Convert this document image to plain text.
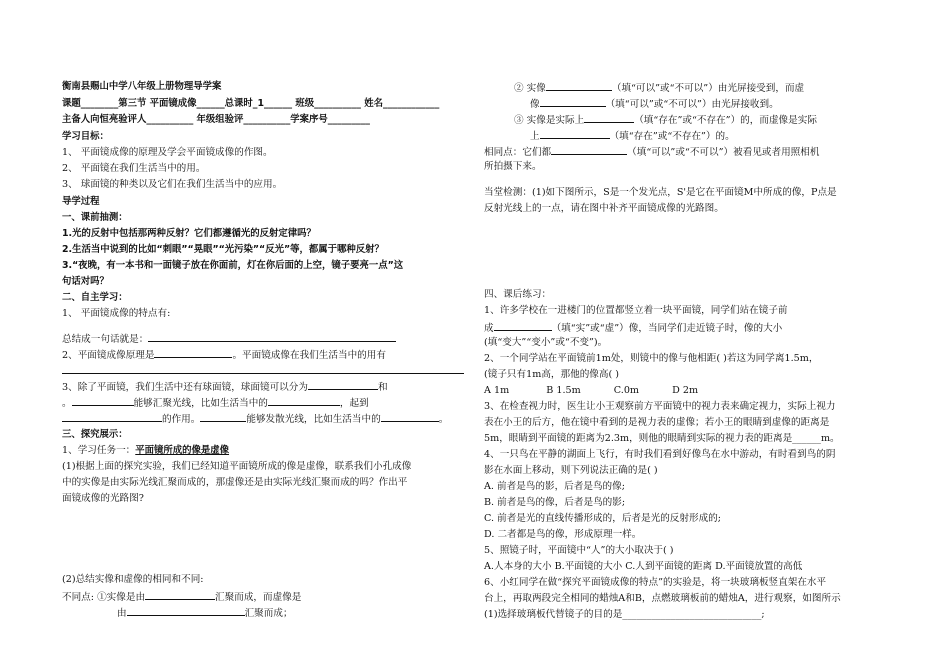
衡南县赐山中学八年级上册物理导学案
课题________第三节 平面镜成像______总课时_1______ 班级__________ 姓名____________
主备人向恒亮验评人__________ 年级组验评__________学案序号_________
学习目标：
1、 平面镜成像的原理及学会平面镜成像的作图。
2、 平面镜在我们生活当中的用。
3、 球面镜的种类以及它们在我们生活当中的应用。
导学过程
一、课前抽测：
1.光的反射中包括那两种反射？它们都遵循光的反射定律吗？
2.生活当中说到的比如“刺眼”“晃眼”“光污染”“反光”等，都属于哪种反射？
3.“夜晚，有一本书和一面镜子放在你面前，灯在你后面的上空，镜子要亮一点”这
句话对吗？
二、自主学习：
1、 平面镜成像的特点有:
总结成一句话就是：
2、平面镜成像原理是	。平面镜成像在我们生活当中的用有
3、除了平面镜，我们生活中还有球面镜，球面镜可以分为	和
。	能够汇聚光线，比如生活当中的	，起到
的作用。	能够发散光线，比如生活当中的	。
三、探究展示：
1、学习任务一：平面镜所成的像是虚像
(1)根据上面的探究实验，我们已经知道平面镜所成的像是虚像，联系我们小孔成像
中的实像是由实际光线汇聚而成的，那虚像还是由实际光线汇聚而成的吗？作出平
面镜成像的光路图?
(2)总结实像和虚像的相同和不同:
不同点: ①实像是由	汇聚而成，而虚像是
由	汇聚而成；
② 实像	（填“可以”或“不可以”）由光屏接受到，而虚
像	（填“可以”或“不可以”）由光屏接收到。
③ 实像是实际上	（填“存在”或“不存在”）的，而虚像是实际
上	（填“存在”或“不存在”）的。
相同点：它们都	（填“可以”或“不可以”）被看见或者用照相机
所拍摄下来。
当堂检测：(1)如下图所示，S是一个发光点，S'是它在平面镜M中所成的像，P点是
反射光线上的一点，请在图中补齐平面镜成像的光路图。
四、课后练习：
1、许多学校在一进楼门的位置都竖立着一块平面镜，同学们站在镜子前
成	（填“实”或“虚”）像，当同学们走近镜子时，像的大小
(填“变大”“变小”或“不变”)。
2、一个同学站在平面镜前1m处，则镜中的像与他相距( )若这为同学离1.5m，
(镜子只有1m高，那他的像高( )
A 1m	B 1.5m	C.0m	D 2m
3、在检查视力时，医生让小王观察前方平面镜中的视力表来确定视力，实际上视力
表在小王的后方，他在镜中看到的是视力表的虚像；若小王的眼睛到虚像的距离是
5m，眼睛到平面镜的距离为2.3m，则他的眼睛到实际的视力表的距离是______m。
4、一只鸟在平静的湖面上飞行，有时我们看到好像鸟在水中游动，有时看到鸟的阴
影在水面上移动，则下列说法正确的是( )
A. 前者是鸟的影，后者是鸟的像;
B. 前者是鸟的像，后者是鸟的影;
C. 前者是光的直线传播形成的，后者是光的反射形成的;
D. 二者都是鸟的像，形成原理一样。
5、照镜子时，平面镜中“人”的大小取决于( )
A.人本身的大小 B.平面镜的大小 C.人到平面镜的距离 D.平面镜放置的高低
6、小红同学在做“探究平面镜成像的特点”的实验是，将一块玻璃板竖直架在水平
台上，再取两段完全相同的蜡烛A和B，点燃玻璃板前的蜡烛A，进行观察，如图所示
(1)选择玻璃板代替镜子的目的是_____________________________;
